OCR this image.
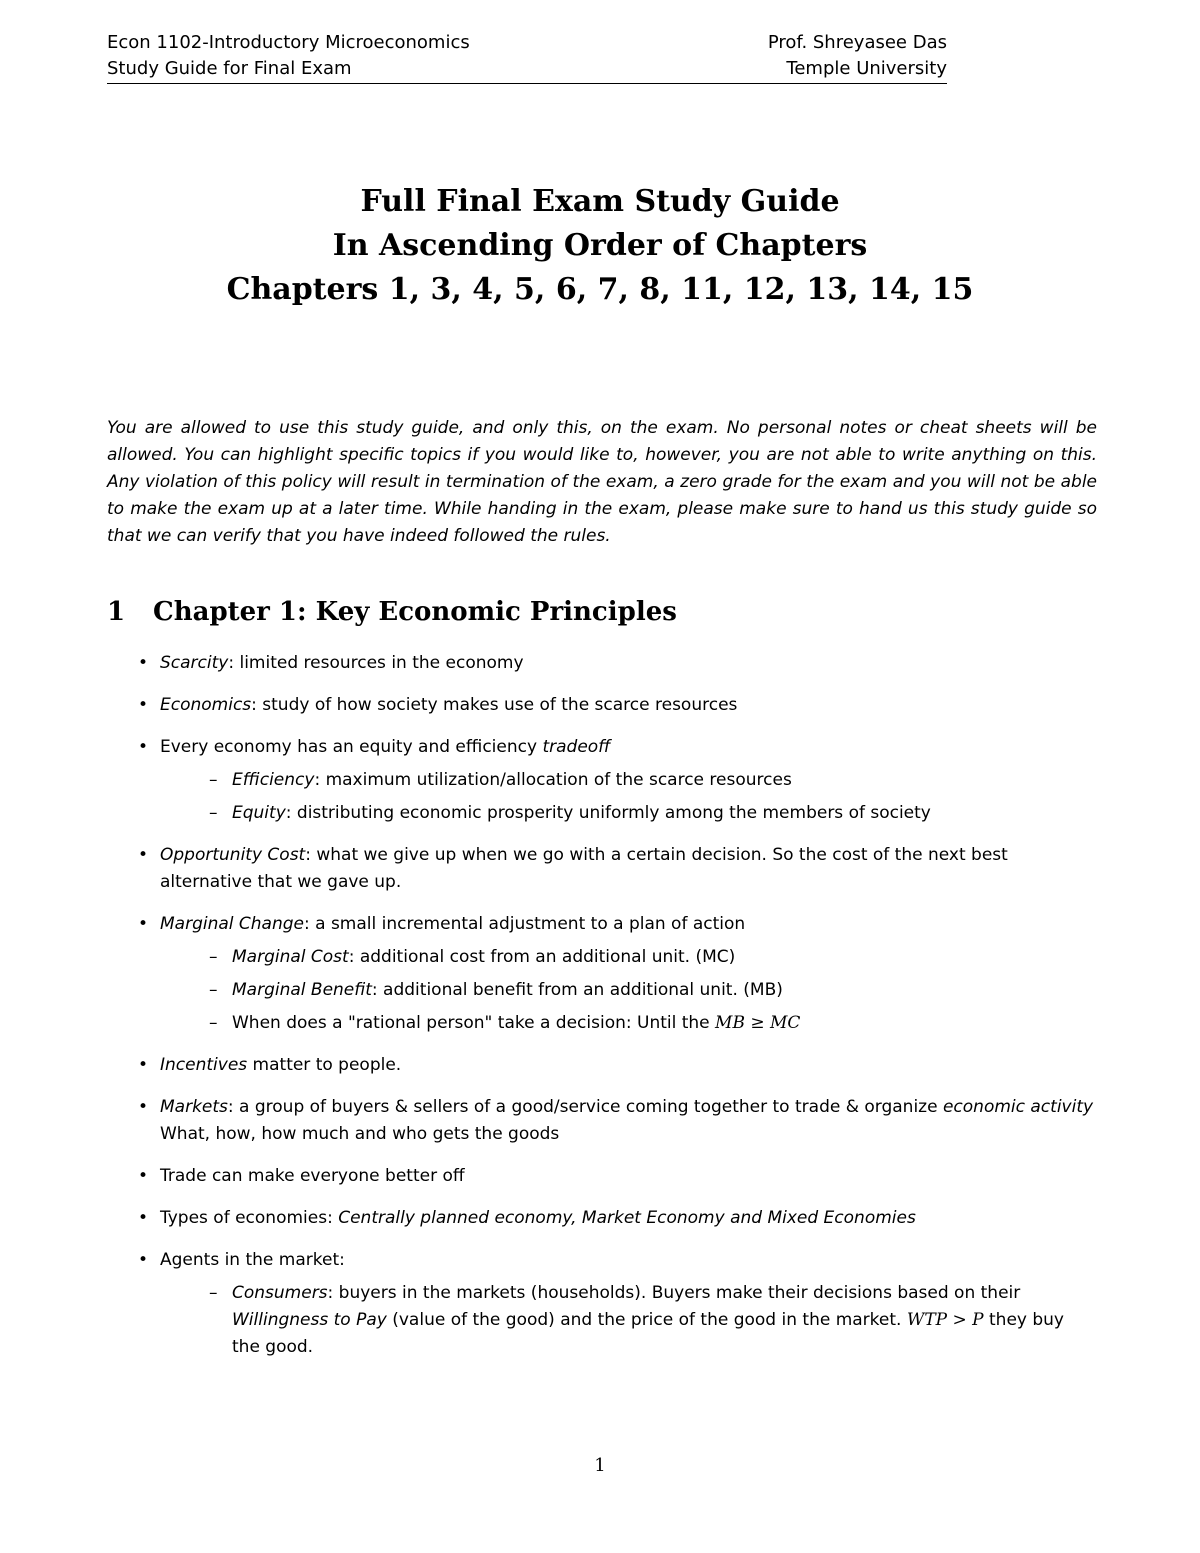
Econ 1102-Introductory Microeconomics	Prof. Shreyasee Das
Study Guide for Final Exam	Temple University
Full Final Exam Study Guide
In Ascending Order of Chapters
Chapters 1, 3, 4, 5, 6, 7, 8, 11, 12, 13, 14, 15
You are allowed to use this study guide, and only this, on the exam. No personal notes or cheat sheets will be allowed. You can highlight specific topics if you would like to, however, you are not able to write anything on this. Any violation of this policy will result in termination of the exam, a zero grade for the exam and you will not be able to make the exam up at a later time. While handing in the exam, please make sure to hand us this study guide so that we can verify that you have indeed followed the rules.
1	Chapter 1: Key Economic Principles
• Scarcity: limited resources in the economy
• Economics: study of how society makes use of the scarce resources
• Every economy has an equity and efficiency tradeoff
– Efficiency: maximum utilization/allocation of the scarce resources
– Equity: distributing economic prosperity uniformly among the members of society
• Opportunity Cost: what we give up when we go with a certain decision. So the cost of the next best alternative that we gave up.
• Marginal Change: a small incremental adjustment to a plan of action
– Marginal Cost: additional cost from an additional unit. (MC)
– Marginal Benefit: additional benefit from an additional unit. (MB)
– When does a "rational person" take a decision: Until the MB ≥ MC
• Incentives matter to people.
• Markets: a group of buyers & sellers of a good/service coming together to trade & organize economic activity
What, how, how much and who gets the goods
• Trade can make everyone better off
• Types of economies: Centrally planned economy, Market Economy and Mixed Economies
• Agents in the market:
– Consumers: buyers in the markets (households). Buyers make their decisions based on their Willingness to Pay (value of the good) and the price of the good in the market. WTP > P they buy the good.
1
